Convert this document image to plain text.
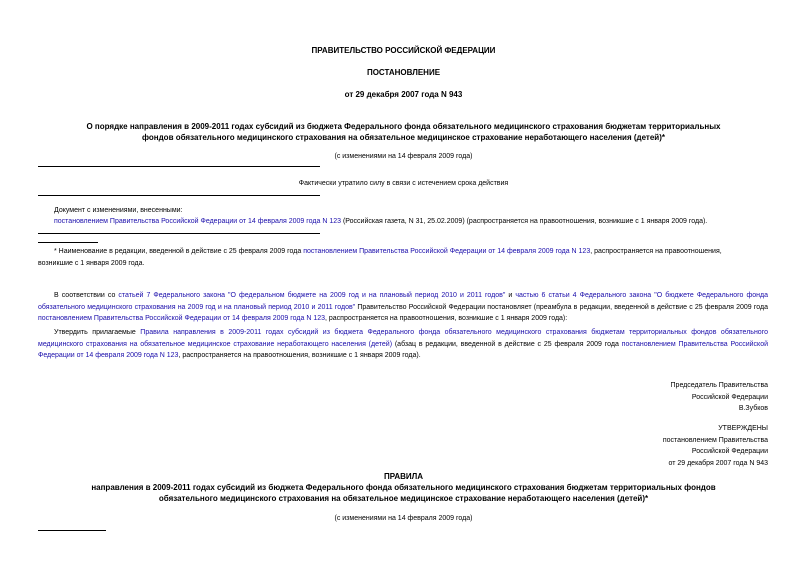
ПРАВИТЕЛЬСТВО РОССИЙСКОЙ ФЕДЕРАЦИИ
ПОСТАНОВЛЕНИЕ
от 29 декабря 2007 года N 943
О порядке направления в 2009-2011 годах субсидий из бюджета Федерального фонда обязательного медицинского страхования бюджетам территориальных
фондов обязательного медицинского страхования на обязательное медицинское страхование неработающего населения (детей)*
(с изменениями на 14 февраля 2009 года)
Фактически утратило силу в связи с истечением срока действия
Документ с изменениями, внесенными:
постановлением Правительства Российской Федерации от 14 февраля 2009 года N 123 (Российская газета, N 31, 25.02.2009) (распространяется на правоотношения, возникшие с 1 января 2009 года).
* Наименование в редакции, введенной в действие с 25 февраля 2009 года постановлением Правительства Российской Федерации от 14 февраля 2009 года N 123, распространяется на правоотношения,
возникшие с 1 января 2009 года.
В соответствии со статьей 7 Федерального закона "О федеральном бюджете на 2009 год и на плановый период 2010 и 2011 годов" и частью 6 статьи 4 Федерального закона "О бюджете Федерального фонда обязательного медицинского страхования на 2009 год и на плановый период 2010 и 2011 годов" Правительство Российской Федерации постановляет (преамбула в редакции, введенной в действие с 25 февраля 2009 года постановлением Правительства Российской Федерации от 14 февраля 2009 года N 123, распространяется на правоотношения, возникшие с 1 января 2009 года):
Утвердить прилагаемые Правила направления в 2009-2011 годах субсидий из бюджета Федерального фонда обязательного медицинского страхования бюджетам территориальных фондов обязательного медицинского страхования на обязательное медицинское страхование неработающего населения (детей) (абзац в редакции, введенной в действие с 25 февраля 2009 года постановлением Правительства Российской Федерации от 14 февраля 2009 года N 123, распространяется на правоотношения, возникшие с 1 января 2009 года).
Председатель Правительства
Российской Федерации
В.Зубков
УТВЕРЖДЕНЫ
постановлением Правительства
Российской Федерации
от 29 декабря 2007 года N 943
ПРАВИЛА
направления в 2009-2011 годах субсидий из бюджета Федерального фонда обязательного медицинского страхования бюджетам территориальных фондов
обязательного медицинского страхования на обязательное медицинское страхование неработающего населения (детей)*
(с изменениями на 14 февраля 2009 года)
